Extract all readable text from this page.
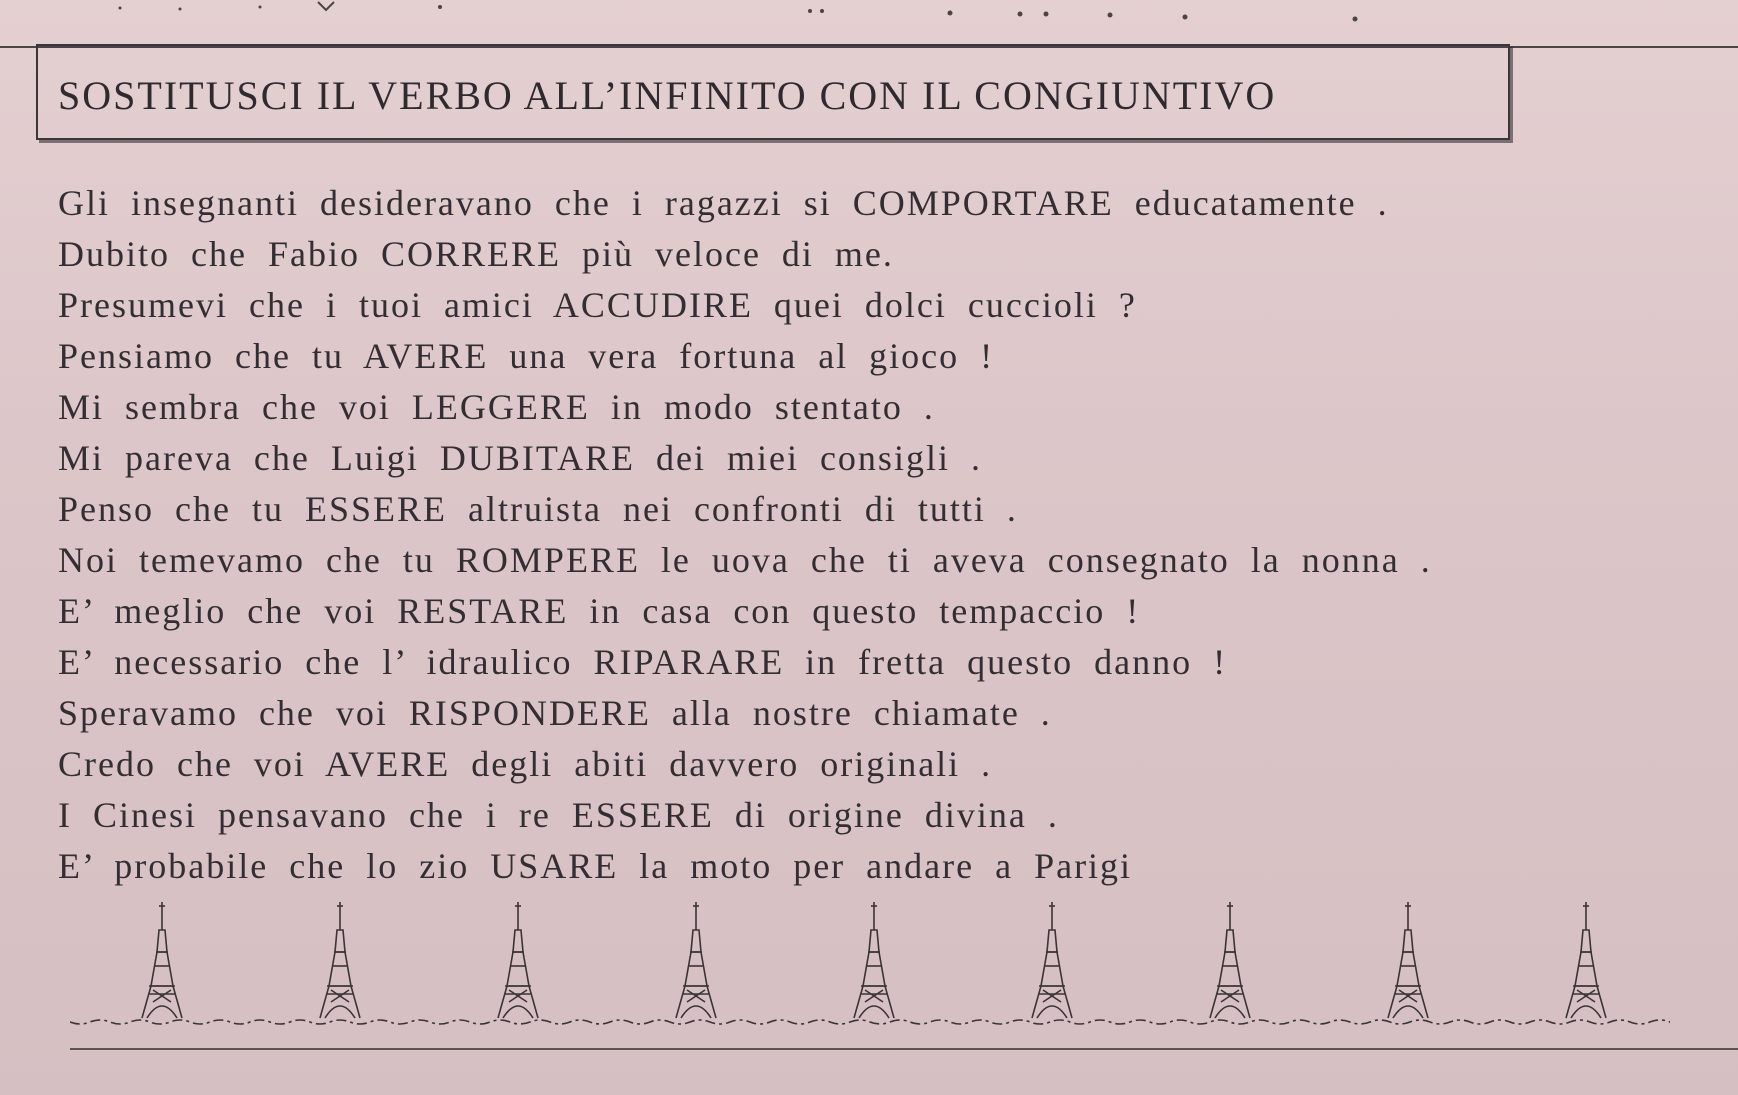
SOSTITUSCI IL VERBO ALL’INFINITO CON IL CONGIUNTIVO
Gli insegnanti desideravano che i ragazzi si COMPORTARE educatamente .
Dubito che Fabio CORRERE più veloce di me.
Presumevi che i tuoi amici ACCUDIRE quei dolci cuccioli ?
Pensiamo che tu AVERE una vera fortuna al gioco !
Mi sembra che voi LEGGERE in modo stentato .
Mi pareva che Luigi DUBITARE dei miei consigli .
Penso che tu ESSERE altruista nei confronti di tutti .
Noi temevamo che tu ROMPERE le uova che ti aveva consegnato la nonna .
E’ meglio che voi RESTARE in casa con questo tempaccio !
E’ necessario che l’ idraulico RIPARARE in fretta questo danno !
Speravamo che voi RISPONDERE alla nostre chiamate .
Credo che voi AVERE degli abiti davvero originali .
I Cinesi pensavano che i re ESSERE di origine divina .
E’ probabile che lo zio USARE la moto per andare a Parigi
